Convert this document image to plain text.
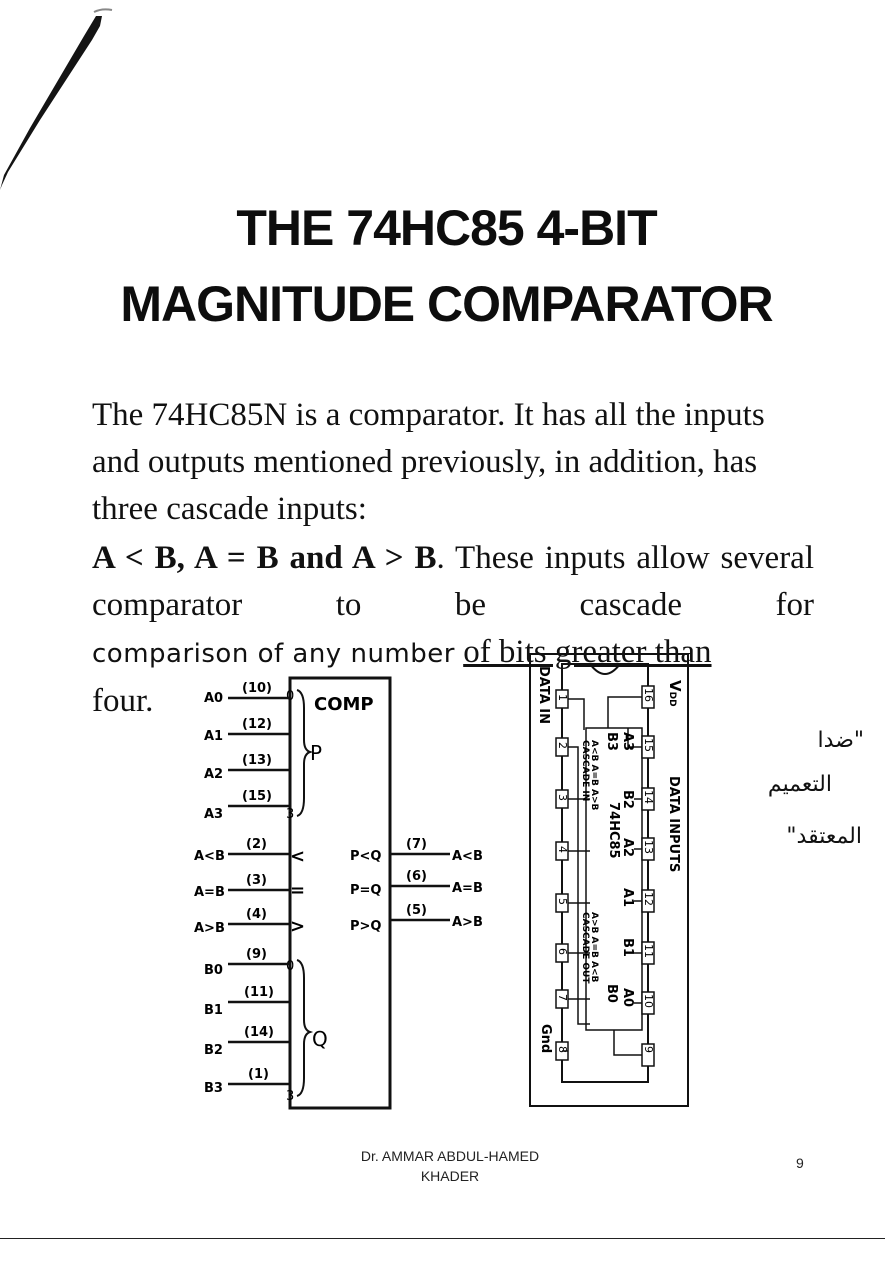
THE 74HC85 4-BIT
MAGNITUDE COMPARATOR

The 74HC85N is a comparator. It has all the inputs and outputs mentioned previously, in addition, has three cascade inputs:

A < B, A = B and A > B. These inputs allow several comparator to be cascade for

comparison of any number of bits greater than

four.	COMP
P
Q
0
3
0
3
<
=
>
A0
(10)
A1
(12)
A2
(13)
A3
(15)
A<B
(2)
A=B
(3)
A>B
(4)
B0
(9)
B1
(11)
B2
(14)
B3
(1)
P<Q
(7)
A<B
P=Q
(6)
A=B
P>Q
(5)
A>B
DATA IN	VDD
DATA INPUTS
Gnd
1
2
3
4
5
6
7
8
16
15
14
13
12
11
10
9
A3
B2
A2
A1
B1
A0
B3
B0
74HC85
A<B A=B A>B
CASCADE IN
A>B A=B A<B
CASCADE OUT
"ضدا
التعميم
المعتقد"
Dr. AMMAR ABDUL-HAMED
KHADER
9
